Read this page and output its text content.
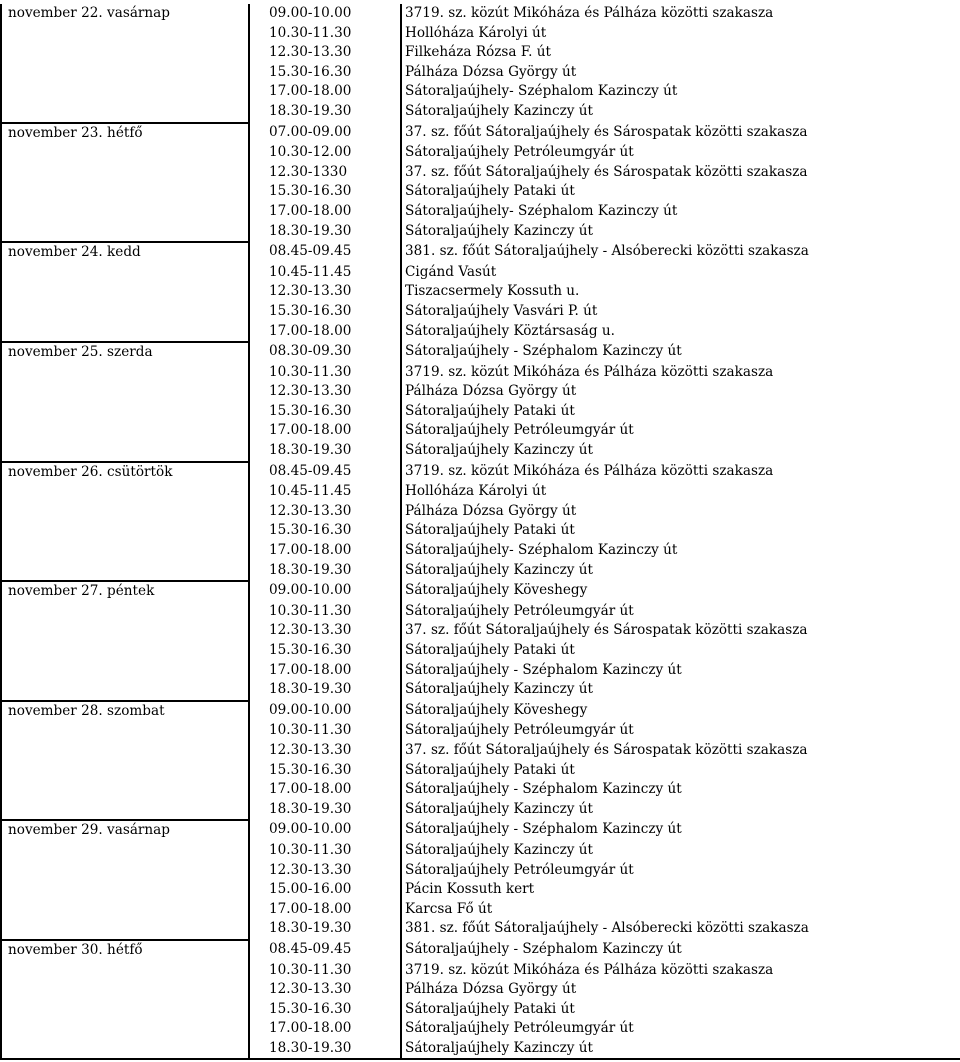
november 22. vasárnap	09.00-10.00	3719. sz. közút Mikóháza és Pálháza közötti szakasza
	10.30-11.30	Hollóháza Károlyi út
	12.30-13.30	Filkeháza Rózsa F. út
	15.30-16.30	Pálháza Dózsa György út
	17.00-18.00	Sátoraljaújhely- Széphalom Kazinczy út
	18.30-19.30	Sátoraljaújhely Kazinczy út
november 23. hétfő	07.00-09.00	37. sz. főút Sátoraljaújhely és Sárospatak közötti szakasza
	10.30-12.00	Sátoraljaújhely Petróleumgyár út
	12.30-1330	37. sz. főút Sátoraljaújhely és Sárospatak közötti szakasza
	15.30-16.30	Sátoraljaújhely Pataki út
	17.00-18.00	Sátoraljaújhely- Széphalom Kazinczy út
	18.30-19.30	Sátoraljaújhely Kazinczy út
november 24. kedd	08.45-09.45	381. sz. főút Sátoraljaújhely - Alsóberecki közötti szakasza
	10.45-11.45	Cigánd Vasút
	12.30-13.30	Tiszacsermely Kossuth u.
	15.30-16.30	Sátoraljaújhely Vasvári P. út
	17.00-18.00	Sátoraljaújhely Köztársaság u.
november 25. szerda	08.30-09.30	Sátoraljaújhely - Széphalom Kazinczy út
	10.30-11.30	3719. sz. közút Mikóháza és Pálháza közötti szakasza
	12.30-13.30	Pálháza Dózsa György út
	15.30-16.30	Sátoraljaújhely Pataki út
	17.00-18.00	Sátoraljaújhely Petróleumgyár út
	18.30-19.30	Sátoraljaújhely Kazinczy út
november 26. csütörtök	08.45-09.45	3719. sz. közút Mikóháza és Pálháza közötti szakasza
	10.45-11.45	Hollóháza Károlyi út
	12.30-13.30	Pálháza Dózsa György út
	15.30-16.30	Sátoraljaújhely Pataki út
	17.00-18.00	Sátoraljaújhely- Széphalom Kazinczy út
	18.30-19.30	Sátoraljaújhely Kazinczy út
november 27. péntek	09.00-10.00	Sátoraljaújhely Köveshegy
	10.30-11.30	Sátoraljaújhely Petróleumgyár út
	12.30-13.30	37. sz. főút Sátoraljaújhely és Sárospatak közötti szakasza
	15.30-16.30	Sátoraljaújhely Pataki út
	17.00-18.00	Sátoraljaújhely - Széphalom Kazinczy út
	18.30-19.30	Sátoraljaújhely Kazinczy út
november 28. szombat	09.00-10.00	Sátoraljaújhely Köveshegy
	10.30-11.30	Sátoraljaújhely Petróleumgyár út
	12.30-13.30	37. sz. főút Sátoraljaújhely és Sárospatak közötti szakasza
	15.30-16.30	Sátoraljaújhely Pataki út
	17.00-18.00	Sátoraljaújhely - Széphalom Kazinczy út
	18.30-19.30	Sátoraljaújhely Kazinczy út
november 29. vasárnap	09.00-10.00	Sátoraljaújhely - Széphalom Kazinczy út
	10.30-11.30	Sátoraljaújhely Kazinczy út
	12.30-13.30	Sátoraljaújhely Petróleumgyár út
	15.00-16.00	Pácin Kossuth kert
	17.00-18.00	Karcsa Fő út
	18.30-19.30	381. sz. főút Sátoraljaújhely - Alsóberecki közötti szakasza
november 30. hétfő	08.45-09.45	Sátoraljaújhely - Széphalom Kazinczy út
	10.30-11.30	3719. sz. közút Mikóháza és Pálháza közötti szakasza
	12.30-13.30	Pálháza Dózsa György út
	15.30-16.30	Sátoraljaújhely Pataki út
	17.00-18.00	Sátoraljaújhely Petróleumgyár út
	18.30-19.30	Sátoraljaújhely Kazinczy út
